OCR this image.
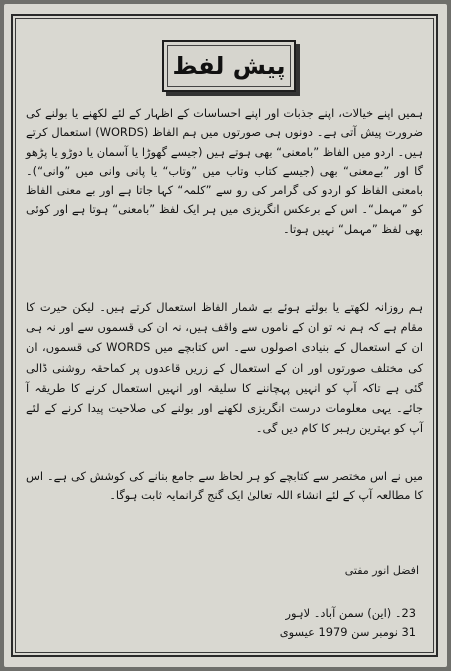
پیش لفظ

ہمیں اپنے خیالات، اپنے جذبات اور اپنے احساسات کے اظہار کے لئے لکھنے یا بولنے کی ضرورت پیش آتی ہے۔ دونوں ہی صورتوں میں ہم الفاظ (WORDS) استعمال کرتے ہیں۔ اردو میں الفاظ ”بامعنی“ بھی ہوتے ہیں (جیسے گھوڑا یا آسمان یا دوڑو یا پڑھو گا اور ”بےمعنی“ بھی (جیسے کتاب وتاب میں ”وتاب“ یا پانی وانی میں ”وانی“)۔ بامعنی الفاظ کو اردو کی گرامر کی رو سے ”کلمہ“ کہا جاتا ہے اور بے معنی الفاظ کو ”مہمل“۔ اس کے برعکس انگریزی میں ہر ایک لفظ ”بامعنی“ ہوتا ہے اور کوئی بھی لفظ ”مہمل“ نہیں ہوتا۔

ہم روزانہ لکھتے یا بولتے ہوئے بے شمار الفاظ استعمال کرتے ہیں۔ لیکن حیرت کا مقام ہے کہ ہم نہ تو ان کے ناموں سے واقف ہیں، نہ ان کی قسموں سے اور نہ ہی ان کے استعمال کے بنیادی اصولوں سے۔ اس کتابچے میں WORDS کی قسموں، ان کی مختلف صورتوں اور ان کے استعمال کے زریں قاعدوں پر کماحقہ روشنی ڈالی گئی ہے تاکہ آپ کو انہیں پہچاننے کا سلیقہ اور انہیں استعمال کرنے کا طریقہ آ جائے۔ یہی معلومات درست انگریزی لکھنے اور بولنے کی صلاحیت پیدا کرنے کے لئے آپ کو بہترین رہبر کا کام دیں گی۔

میں نے اس مختصر سے کتابچے کو ہر لحاظ سے جامع بنانے کی کوشش کی ہے۔ اس کا مطالعہ آپ کے لئے انشاء اللہ تعالیٰ ایک گنج گرانمایہ ثابت ہوگا۔

افضل انور مفتی
23۔ (این) سمن آباد۔ لاہور
31 نومبر سن 1979 عیسوی
